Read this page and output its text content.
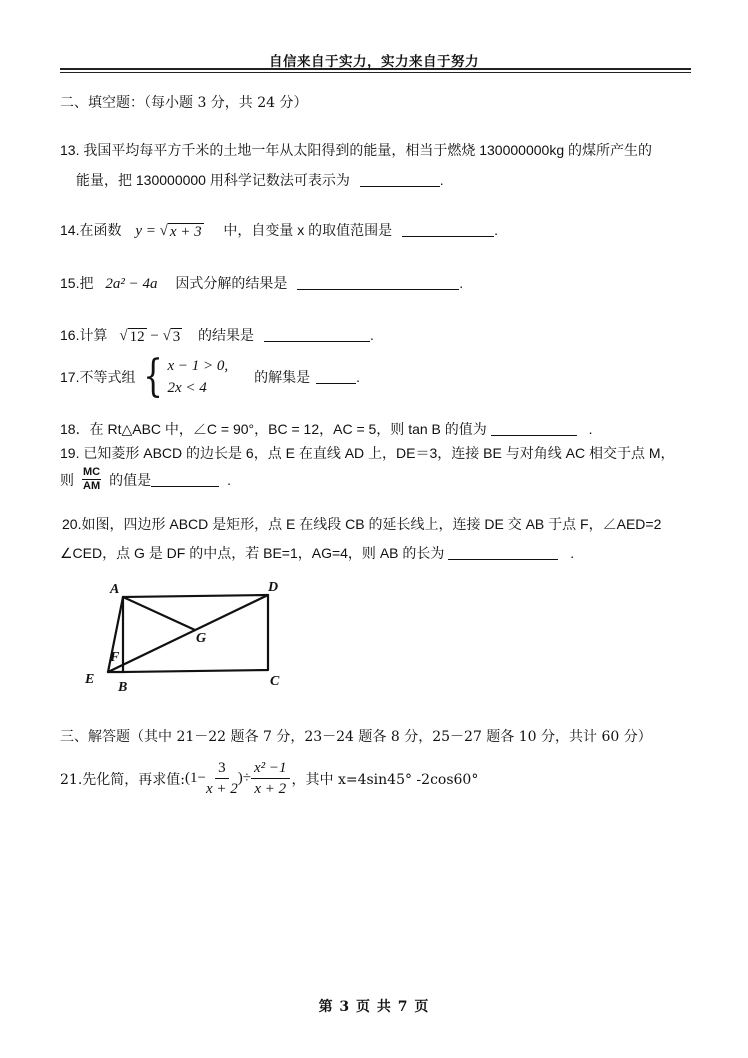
自信来自于实力，实力来自于努力
二、填空题：（每小题 3 分，共 24 分）
13. 我国平均每平方千米的土地一年从太阳得到的能量，相当于燃烧 130000000kg 的煤所产生的
能量，把 130000000 用科学记数法可表示为	.
14.在函数 y = √ x + 3 中，自变量 x 的取值范围是	.
15.把 2a² − 4a 因式分解的结果是	.
16.计算 √ 12 − √ 3 的结果是	.
17.不等式组 { x − 1 > 0,
2x < 4
的解集是	.
18．在 Rt△ABC 中，∠C = 90°，BC = 12，AC = 5，则 tan B 的值为	.
19. 已知菱形 ABCD 的边长是 6，点 E 在直线 AD 上，DE＝3，连接 BE 与对角线 AC 相交于点 M，
则 $\frac{MC}{AM}$ 的值是	.
20.如图，四边形 ABCD 是矩形，点 E 在线段 CB 的延长线上，连接 DE 交 AB 于点 F，∠AED=2
∠CED，点 G 是 DF 的中点，若 BE=1，AG=4，则 AB 的长为	.
A	D
G
F
E
B	C
三、解答题（其中 21－22 题各 7 分，23－24 题各 8 分，25－27 题各 10 分，共计 60 分）
21.先化简，再求值: ($1- \frac{3}{x + 2}$ )÷ $\frac{\text{x² −1}}{x + 2}$ ，其中 x=4sin45° -2cos60°
第 3 页 共 7 页
